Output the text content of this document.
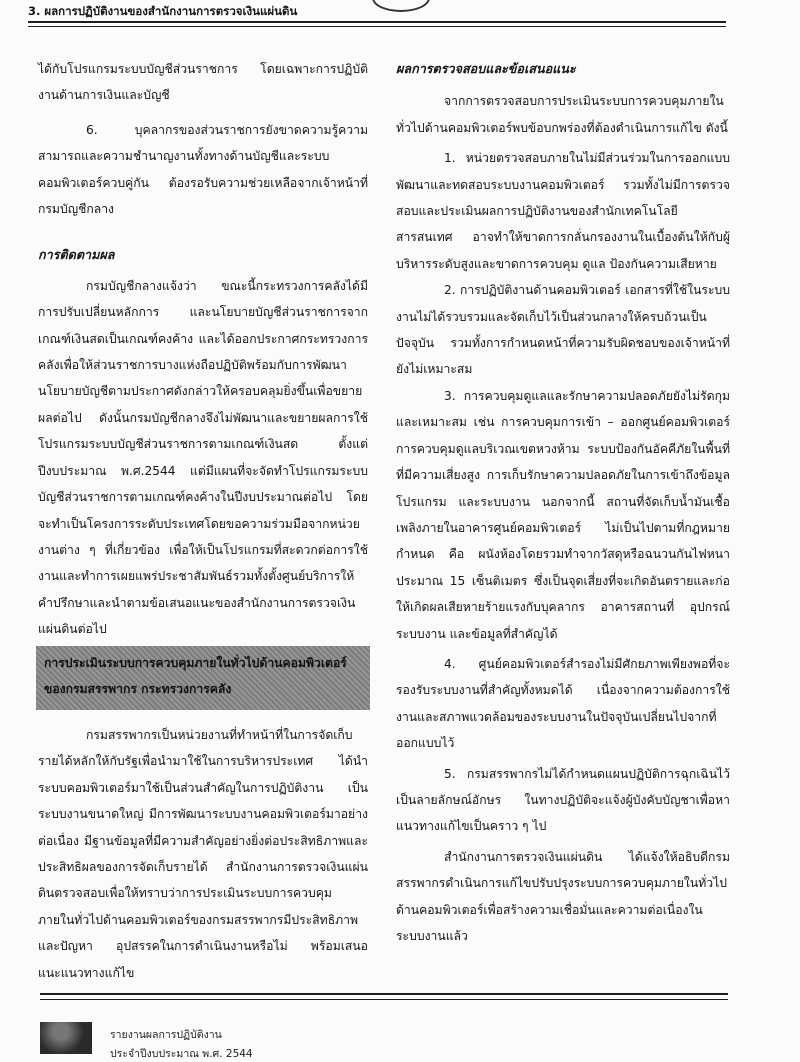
3. ผลการปฏิบัติงานของสำนักงานการตรวจเงินแผ่นดิน

ได้กับโปรแกรมระบบบัญชีส่วนราชการ โดยเฉพาะการปฏิบัติงานด้านการเงินและบัญชี

6. บุคลากรของส่วนราชการยังขาดความรู้ความสามารถและความชำนาญงานทั้งทางด้านบัญชีและระบบคอมพิวเตอร์ควบคู่กัน ต้องรอรับความช่วยเหลือจากเจ้าหน้าที่กรมบัญชีกลาง

การติดตามผล

กรมบัญชีกลางแจ้งว่า ขณะนี้กระทรวงการคลังได้มีการปรับเปลี่ยนหลักการ และนโยบายบัญชีส่วนราชการจากเกณฑ์เงินสดเป็นเกณฑ์คงค้าง และได้ออกประกาศกระทรวงการคลังเพื่อให้ส่วนราชการบางแห่งถือปฏิบัติพร้อมกับการพัฒนานโยบายบัญชีตามประกาศดังกล่าวให้ครอบคลุมยิ่งขึ้นเพื่อขยายผลต่อไป ดังนั้นกรมบัญชีกลางจึงไม่พัฒนาและขยายผลการใช้โปรแกรมระบบบัญชีส่วนราชการตามเกณฑ์เงินสด ตั้งแต่ปีงบประมาณ พ.ศ.2544 แต่มีแผนที่จะจัดทำโปรแกรมระบบบัญชีส่วนราชการตามเกณฑ์คงค้างในปีงบประมาณต่อไป โดยจะทำเป็นโครงการระดับประเทศโดยขอความร่วมมือจากหน่วยงานต่าง ๆ ที่เกี่ยวข้อง เพื่อให้เป็นโปรแกรมที่สะดวกต่อการใช้งานและทำการเผยแพร่ประชาสัมพันธ์รวมทั้งตั้งศูนย์บริการให้คำปรึกษาและนำตามข้อเสนอแนะของสำนักงานการตรวจเงินแผ่นดินต่อไป

การประเมินระบบการควบคุมภายในทั่วไปด้านคอมพิวเตอร์ของกรมสรรพากร กระทรวงการคลัง

กรมสรรพากรเป็นหน่วยงานที่ทำหน้าที่ในการจัดเก็บรายได้หลักให้กับรัฐเพื่อนำมาใช้ในการบริหารประเทศ ได้นำระบบคอมพิวเตอร์มาใช้เป็นส่วนสำคัญในการปฏิบัติงาน เป็นระบบงานขนาดใหญ่ มีการพัฒนาระบบงานคอมพิวเตอร์มาอย่างต่อเนื่อง มีฐานข้อมูลที่มีความสำคัญอย่างยิ่งต่อประสิทธิภาพและประสิทธิผลของการจัดเก็บรายได้ สำนักงานการตรวจเงินแผ่นดินตรวจสอบเพื่อให้ทราบว่าการประเมินระบบการควบคุมภายในทั่วไปด้านคอมพิวเตอร์ของกรมสรรพากรมีประสิทธิภาพและปัญหา อุปสรรคในการดำเนินงานหรือไม่ พร้อมเสนอแนะแนวทางแก้ไข

ผลการตรวจสอบและข้อเสนอแนะ

จากการตรวจสอบการประเมินระบบการควบคุมภายในทั่วไปด้านคอมพิวเตอร์พบข้อบกพร่องที่ต้องดำเนินการแก้ไข ดังนี้

1. หน่วยตรวจสอบภายในไม่มีส่วนร่วมในการออกแบบพัฒนาและทดสอบระบบงานคอมพิวเตอร์ รวมทั้งไม่มีการตรวจสอบและประเมินผลการปฏิบัติงานของสำนักเทคโนโลยีสารสนเทศ อาจทำให้ขาดการกลั่นกรองงานในเบื้องต้นให้กับผู้บริหารระดับสูงและขาดการควบคุม ดูแล ป้องกันความเสียหาย

2. การปฏิบัติงานด้านคอมพิวเตอร์ เอกสารที่ใช้ในระบบงานไม่ได้รวบรวมและจัดเก็บไว้เป็นส่วนกลางให้ครบถ้วนเป็นปัจจุบัน รวมทั้งการกำหนดหน้าที่ความรับผิดชอบของเจ้าหน้าที่ยังไม่เหมาะสม

3. การควบคุมดูแลและรักษาความปลอดภัยยังไม่รัดกุมและเหมาะสม เช่น การควบคุมการเข้า – ออกศูนย์คอมพิวเตอร์ การควบคุมดูแลบริเวณเขตหวงห้าม ระบบป้องกันอัคคีภัยในพื้นที่ที่มีความเสี่ยงสูง การเก็บรักษาความปลอดภัยในการเข้าถึงข้อมูล โปรแกรม และระบบงาน นอกจากนี้ สถานที่จัดเก็บน้ำมันเชื้อเพลิงภายในอาคารศูนย์คอมพิวเตอร์ ไม่เป็นไปตามที่กฎหมายกำหนด คือ ผนังห้องโดยรวมทำจากวัสดุหรือฉนวนกันไฟหนาประมาณ 15 เซ็นติเมตร ซึ่งเป็นจุดเสี่ยงที่จะเกิดอันตรายและก่อให้เกิดผลเสียหายร้ายแรงกับบุคลากร อาคารสถานที่ อุปกรณ์ ระบบงาน และข้อมูลที่สำคัญได้

4. ศูนย์คอมพิวเตอร์สำรองไม่มีศักยภาพเพียงพอที่จะรองรับระบบงานที่สำคัญทั้งหมดได้ เนื่องจากความต้องการใช้งานและสภาพแวดล้อมของระบบงานในปัจจุบันเปลี่ยนไปจากที่ออกแบบไว้

5. กรมสรรพากรไม่ได้กำหนดแผนปฏิบัติการฉุกเฉินไว้เป็นลายลักษณ์อักษร ในทางปฏิบัติจะแจ้งผู้บังคับบัญชาเพื่อหาแนวทางแก้ไขเป็นคราว ๆ ไป

สำนักงานการตรวจเงินแผ่นดิน ได้แจ้งให้อธิบดีกรมสรรพากรดำเนินการแก้ไขปรับปรุงระบบการควบคุมภายในทั่วไปด้านคอมพิวเตอร์เพื่อสร้างความเชื่อมั่นและความต่อเนื่องในระบบงานแล้ว

รายงานผลการปฏิบัติงาน
ประจำปีงบประมาณ พ.ศ. 2544
